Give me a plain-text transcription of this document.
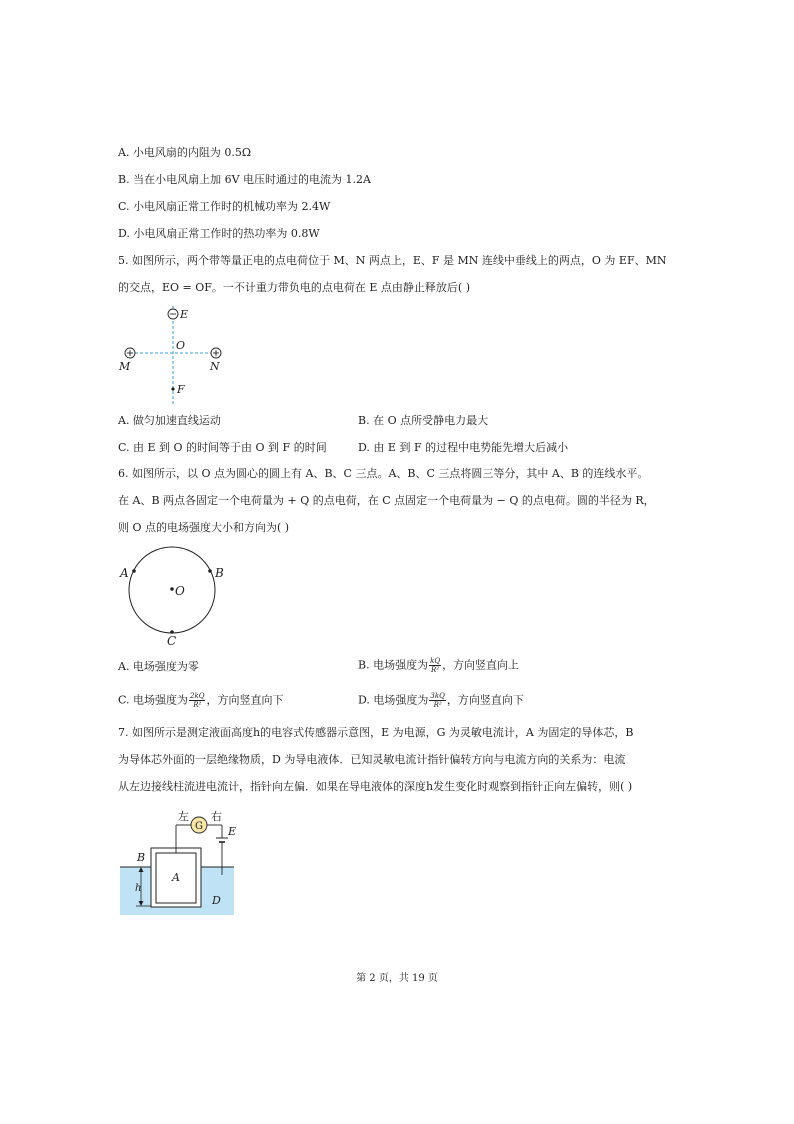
A. 小电风扇的内阻为 0.5Ω
B. 当在小电风扇上加 6V 电压时通过的电流为 1.2A
C. 小电风扇正常工作时的机械功率为 2.4W
D. 小电风扇正常工作时的热功率为 0.8W
5. 如图所示，两个带等量正电的点电荷位于 M、N 两点上，E、F 是 MN 连线中垂线上的两点，O 为 EF、MN
的交点，EO = OF。一不计重力带负电的点电荷在 E 点由静止释放后( )
E
O
M	N
F
A. 做匀加速直线运动	B. 在 O 点所受静电力最大
C. 由 E 到 O 的时间等于由 O 到 F 的时间	D. 由 E 到 F 的过程中电势能先增大后减小
6. 如图所示，以 O 点为圆心的圆上有 A、B、C 三点。A、B、C 三点将圆三等分，其中 A、B 的连线水平。
在 A、B 两点各固定一个电荷量为 + Q 的点电荷，在 C 点固定一个电荷量为 − Q 的点电荷。圆的半径为 R，
则 O 点的电场强度大小和方向为( )
A	B
O
C
A. 电场强度为零	B. 电场强度为 $\frac{kQ}{\text{R²}}$ ，方向竖直向上
C. 电场强度为 $\frac{2kQ}{\text{R²}}$ ，方向竖直向下	D. 电场强度为 $\frac{3kQ}{\text{R²}}$ ，方向竖直向下
7. 如图所示是测定液面高度h的电容式传感器示意图，E 为电源，G 为灵敏电流计，A 为固定的导体芯，B
为导体芯外面的一层绝缘物质，D 为导电液体．已知灵敏电流计指针偏转方向与电流方向的关系为：电流
从左边接线柱流进电流计，指针向左偏．如果在导电液体的深度h发生变化时观察到指针正向左偏转，则( )
G
左 右
E
B
A
D
h
第 2 页，共 19 页
